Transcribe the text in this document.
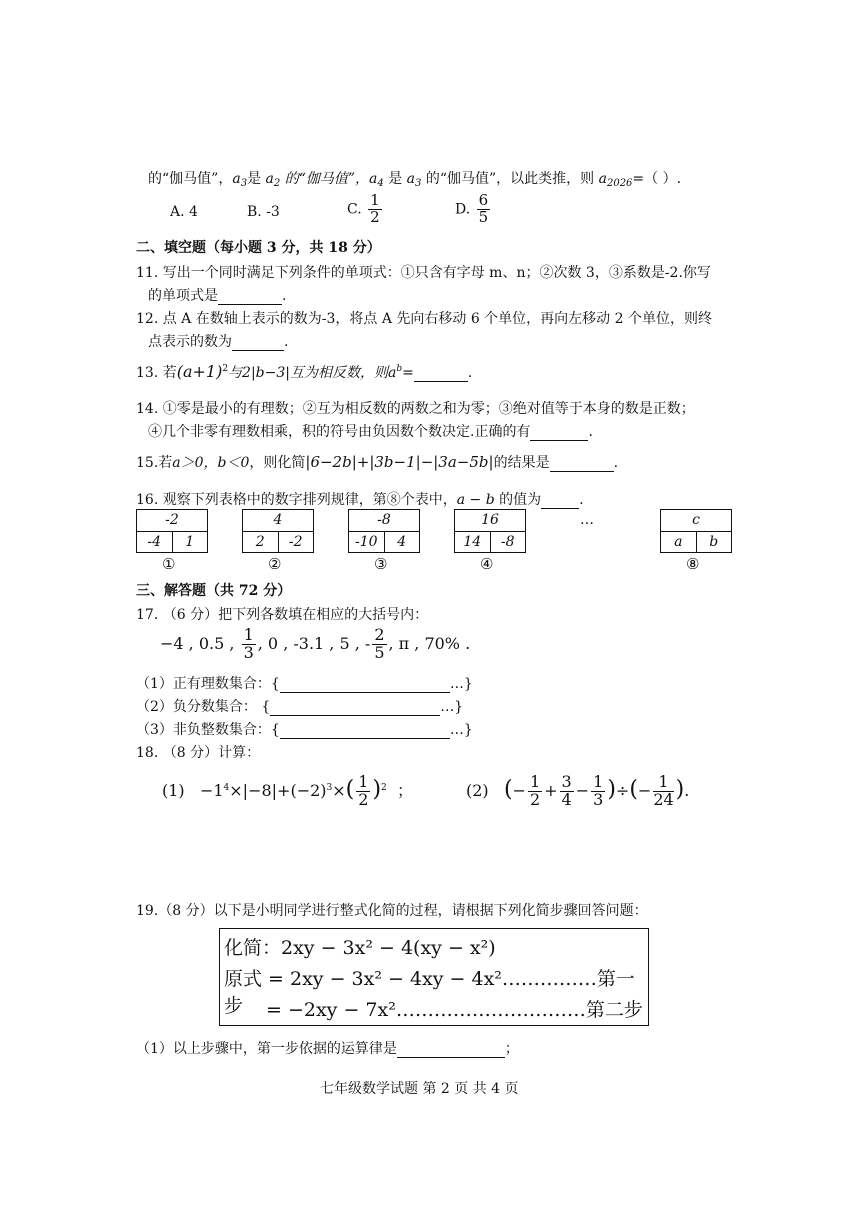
的“伽马值”，$a_3$是 $a_2$ 的“伽马值”，$a_4$ 是 $a_3$ 的“伽马值”，以此类推，则 $a_{2026}=$（ ）.
A. 4	B. -3	C. $\frac{1}{2}$	D. $\frac{6}{5}$
二、填空题（每小题 3 分，共 18 分）
11. 写出一个同时满足下列条件的单项式：①只含有字母 m、n；②次数 3，③系数是-2.你写
的单项式是	.
12. 点 A 在数轴上表示的数为-3，将点 A 先向右移动 6 个单位，再向左移动 2 个单位，则终
点表示的数为	.
13. 若$(a+1)^2$与2|b−3|互为相反数，则$a^b=$	.
14. ①零是最小的有理数；②互为相反数的两数之和为零；③绝对值等于本身的数是正数；
④几个非零有理数相乘，积的符号由负因数个数决定.正确的有	.
15.若a＞0，b＜0，则化简|6−2b|+|3b−1|−|3a−5b|的结果是	.
16. 观察下列表格中的数字排列规律，第⑧个表中，a − b 的值为	.
-2
-4	1
①
4
2	-2
②
-8
-10	4
③
16
14	-8
④
…	c
a	b
⑧
三、解答题（共 72 分）
17. （6 分）把下列各数填在相应的大括号内：
−4 , 0.5 , $\frac{1}{3}$ , 0 , -3.1 , 5 , - $\frac{2}{5}$ , π , 70% .
（1）正有理数集合：{	…}
（2）负分数集合： {	…}
（3）非负整数集合：{	…}
18. （8 分）计算：
$(1) -1^4\times|-8|+(-2)^3\times( \frac{1}{2} )^2$ ；	(2) (− $\frac{1}{2} + \frac{3}{4} - \frac{1}{3}$ )÷(− $\frac{1}{24}$ ).
19.（8 分）以下是小明同学进行整式化简的过程，请根据下列化简步骤回答问题：
化简：2xy − 3x² − 4(xy − x²)
原式 = 2xy − 3x² − 4xy − 4x²……………第一步	= −2xy − 7x²…………………………第二步
（1）以上步骤中，第一步依据的运算律是	；
七年级数学试题 第 2 页 共 4 页
